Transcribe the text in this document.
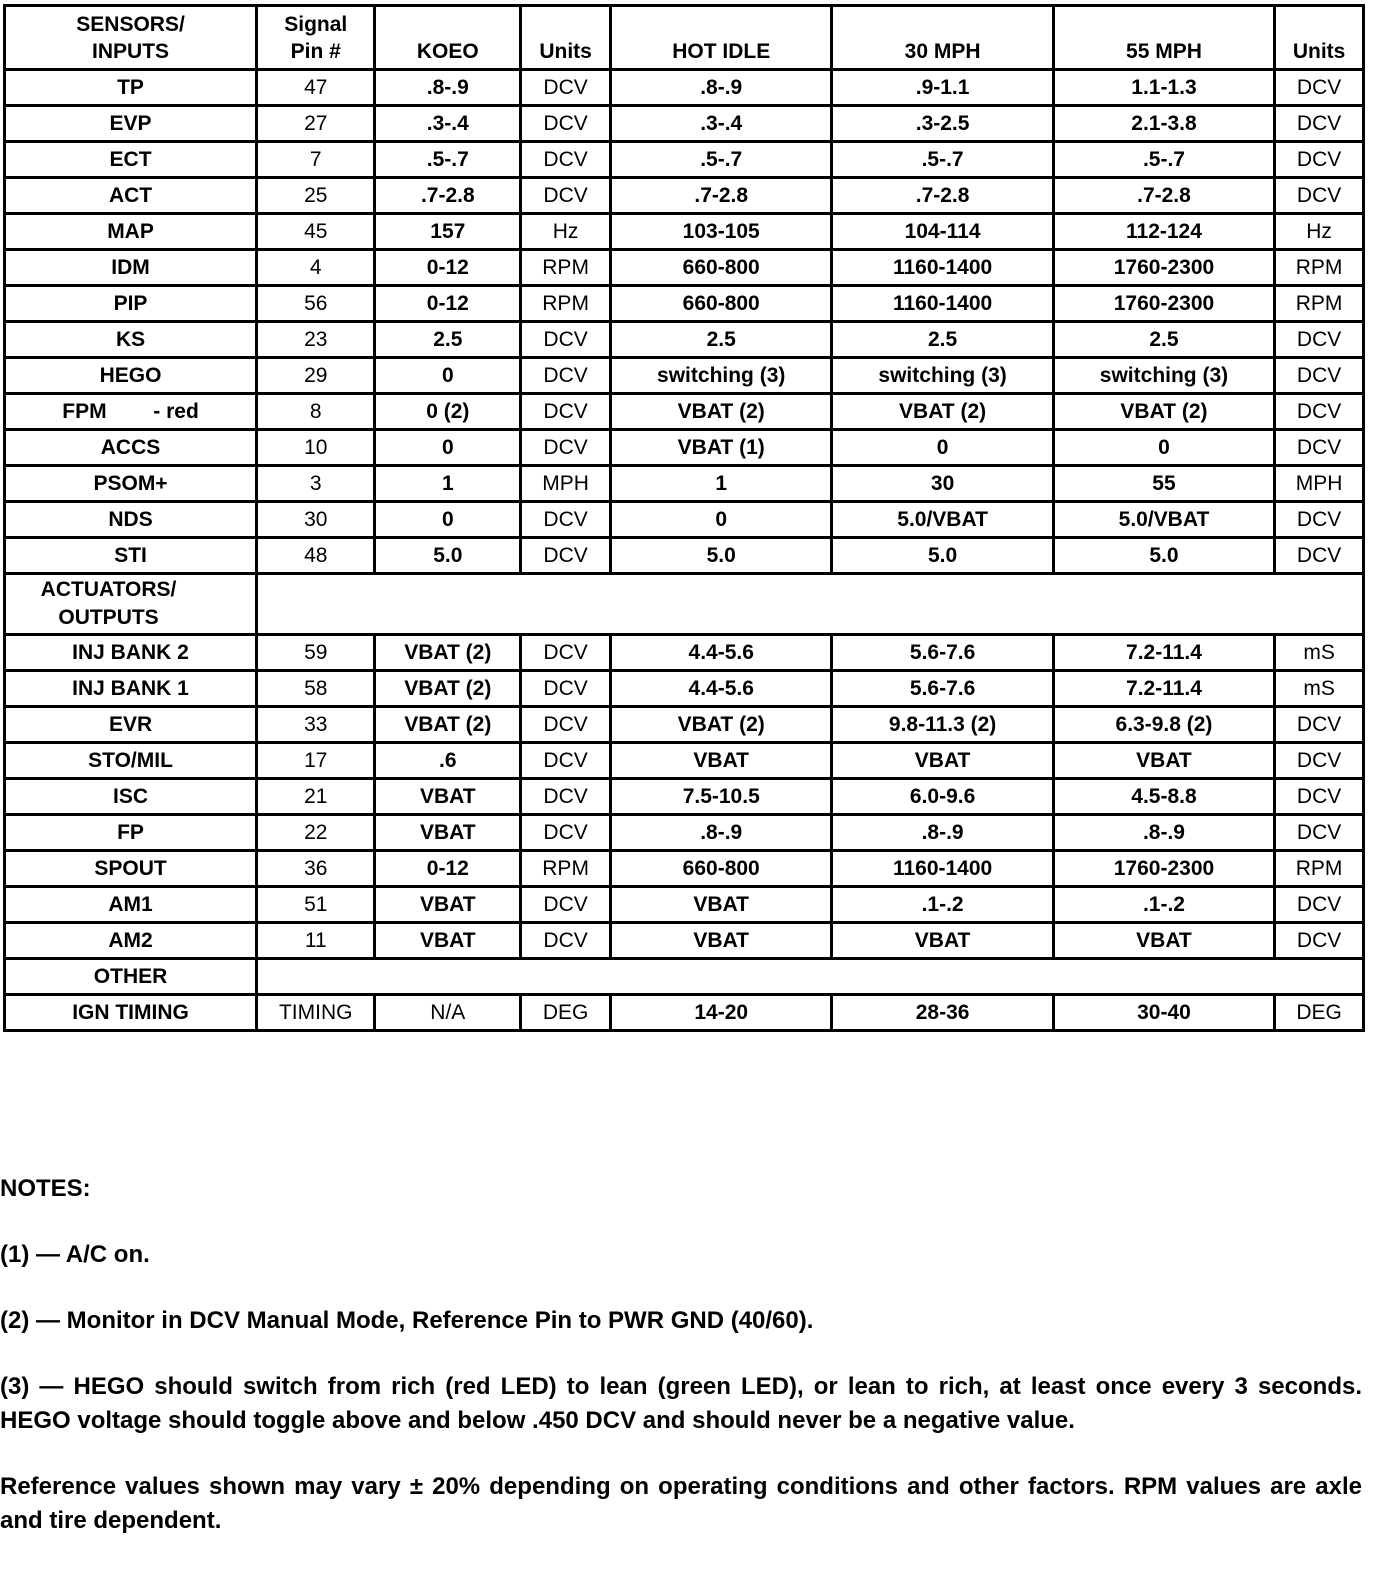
SENSORS/ INPUTS	Signal Pin #	KOEO	Units	HOT IDLE	30 MPH	55 MPH	Units
TP	47	.8-.9	DCV	.8-.9	.9-1.1	1.1-1.3	DCV
EVP	27	.3-.4	DCV	.3-.4	.3-2.5	2.1-3.8	DCV
ECT	7	.5-.7	DCV	.5-.7	.5-.7	.5-.7	DCV
ACT	25	.7-2.8	DCV	.7-2.8	.7-2.8	.7-2.8	DCV
MAP	45	157	Hz	103-105	104-114	112-124	Hz
IDM	4	0-12	RPM	660-800	1160-1400	1760-2300	RPM
PIP	56	0-12	RPM	660-800	1160-1400	1760-2300	RPM
KS	23	2.5	DCV	2.5	2.5	2.5	DCV
HEGO	29	0	DCV	switching (3)	switching (3)	switching (3)	DCV
FPM        - red	8	0 (2)	DCV	VBAT (2)	VBAT (2)	VBAT (2)	DCV
ACCS	10	0	DCV	VBAT (1)	0	0	DCV
PSOM+	3	1	MPH	1	30	55	MPH
NDS	30	0	DCV	0	5.0/VBAT	5.0/VBAT	DCV
STI	48	5.0	DCV	5.0	5.0	5.0	DCV
ACTUATORS/ OUTPUTS							
INJ BANK 2	59	VBAT (2)	DCV	4.4-5.6	5.6-7.6	7.2-11.4	mS
INJ BANK 1	58	VBAT (2)	DCV	4.4-5.6	5.6-7.6	7.2-11.4	mS
EVR	33	VBAT (2)	DCV	VBAT (2)	9.8-11.3 (2)	6.3-9.8 (2)	DCV
STO/MIL	17	.6	DCV	VBAT	VBAT	VBAT	DCV
ISC	21	VBAT	DCV	7.5-10.5	6.0-9.6	4.5-8.8	DCV
FP	22	VBAT	DCV	.8-.9	.8-.9	.8-.9	DCV
SPOUT	36	0-12	RPM	660-800	1160-1400	1760-2300	RPM
AM1	51	VBAT	DCV	VBAT	.1-.2	.1-.2	DCV
AM2	11	VBAT	DCV	VBAT	VBAT	VBAT	DCV
OTHER							
IGN TIMING	TIMING	N/A	DEG	14-20	28-36	30-40	DEG

NOTES:

(1) — A/C on.

(2) — Monitor in DCV Manual Mode, Reference Pin to PWR GND (40/60).

(3) — HEGO should switch from rich (red LED) to lean (green LED), or lean to rich, at least once every 3 seconds. HEGO voltage should toggle above and below .450 DCV and should never be a negative value.

Reference values shown may vary ± 20% depending on operating conditions and other factors. RPM values are axle and tire dependent.
